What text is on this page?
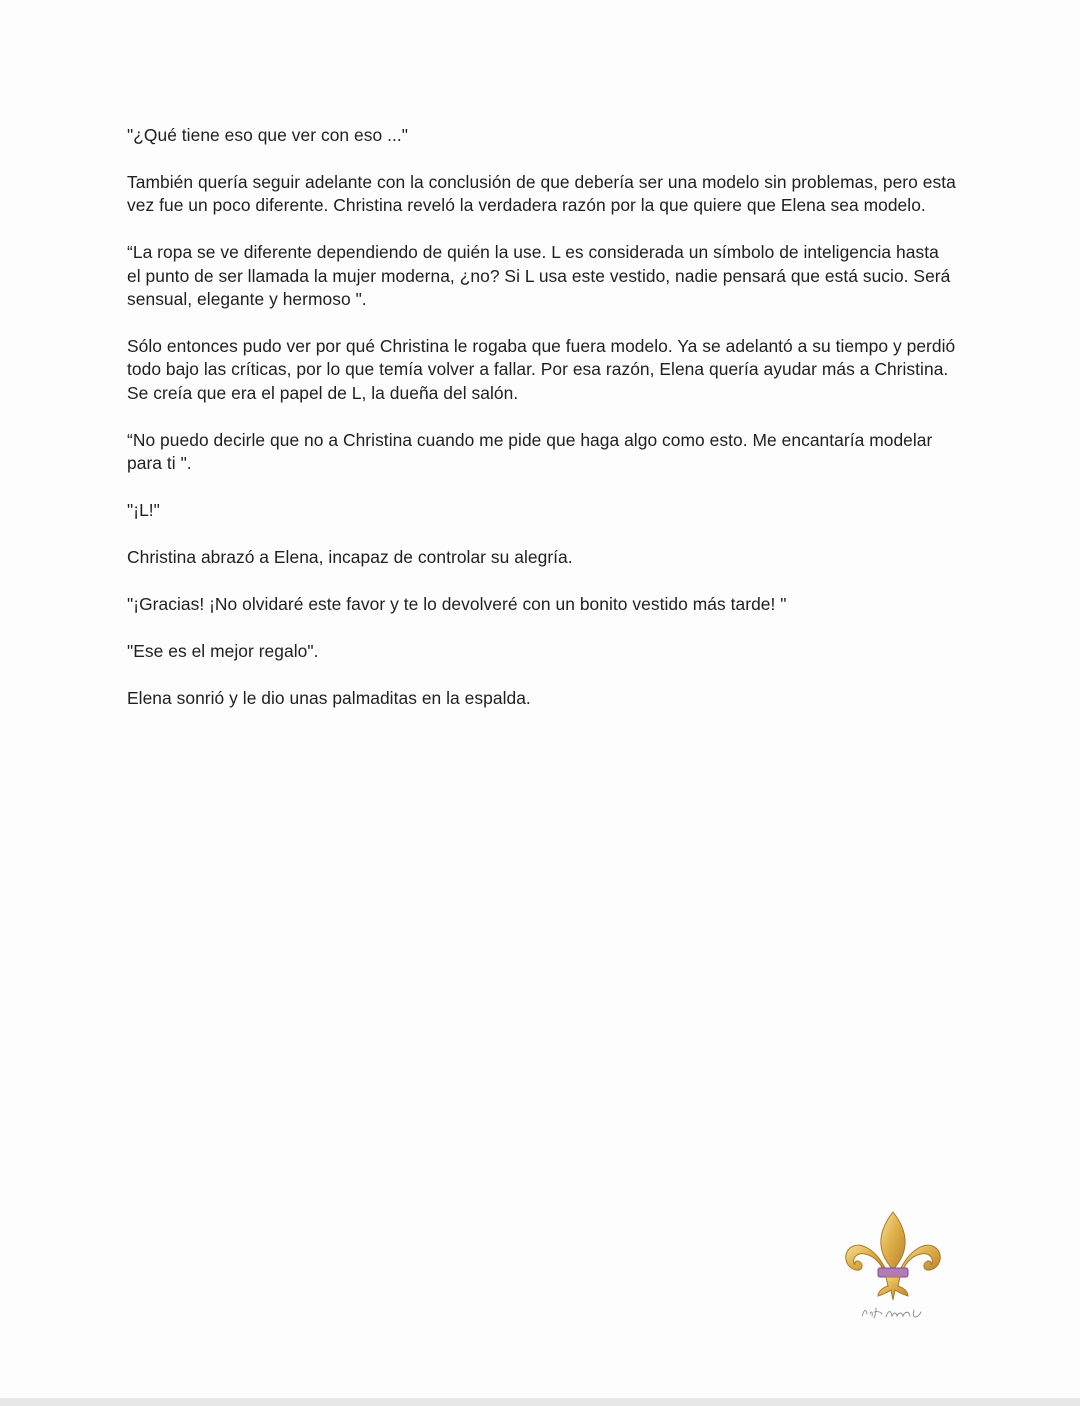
"¿Qué tiene eso que ver con eso ..."

También quería seguir adelante con la conclusión de que debería ser una modelo sin problemas, pero esta vez fue un poco diferente. Christina reveló la verdadera razón por la que quiere que Elena sea modelo.

“La ropa se ve diferente dependiendo de quién la use. L es considerada un símbolo de inteligencia hasta el punto de ser llamada la mujer moderna, ¿no? Si L usa este vestido, nadie pensará que está sucio. Será sensual, elegante y hermoso ".

Sólo entonces pudo ver por qué Christina le rogaba que fuera modelo. Ya se adelantó a su tiempo y perdió todo bajo las críticas, por lo que temía volver a fallar. Por esa razón, Elena quería ayudar más a Christina. Se creía que era el papel de L, la dueña del salón.

“No puedo decirle que no a Christina cuando me pide que haga algo como esto. Me encantaría modelar para ti ".

"¡L!"

Christina abrazó a Elena, incapaz de controlar su alegría.

"¡Gracias! ¡No olvidaré este favor y te lo devolveré con un bonito vestido más tarde! "

"Ese es el mejor regalo".

Elena sonrió y le dio unas palmaditas en la espalda.
